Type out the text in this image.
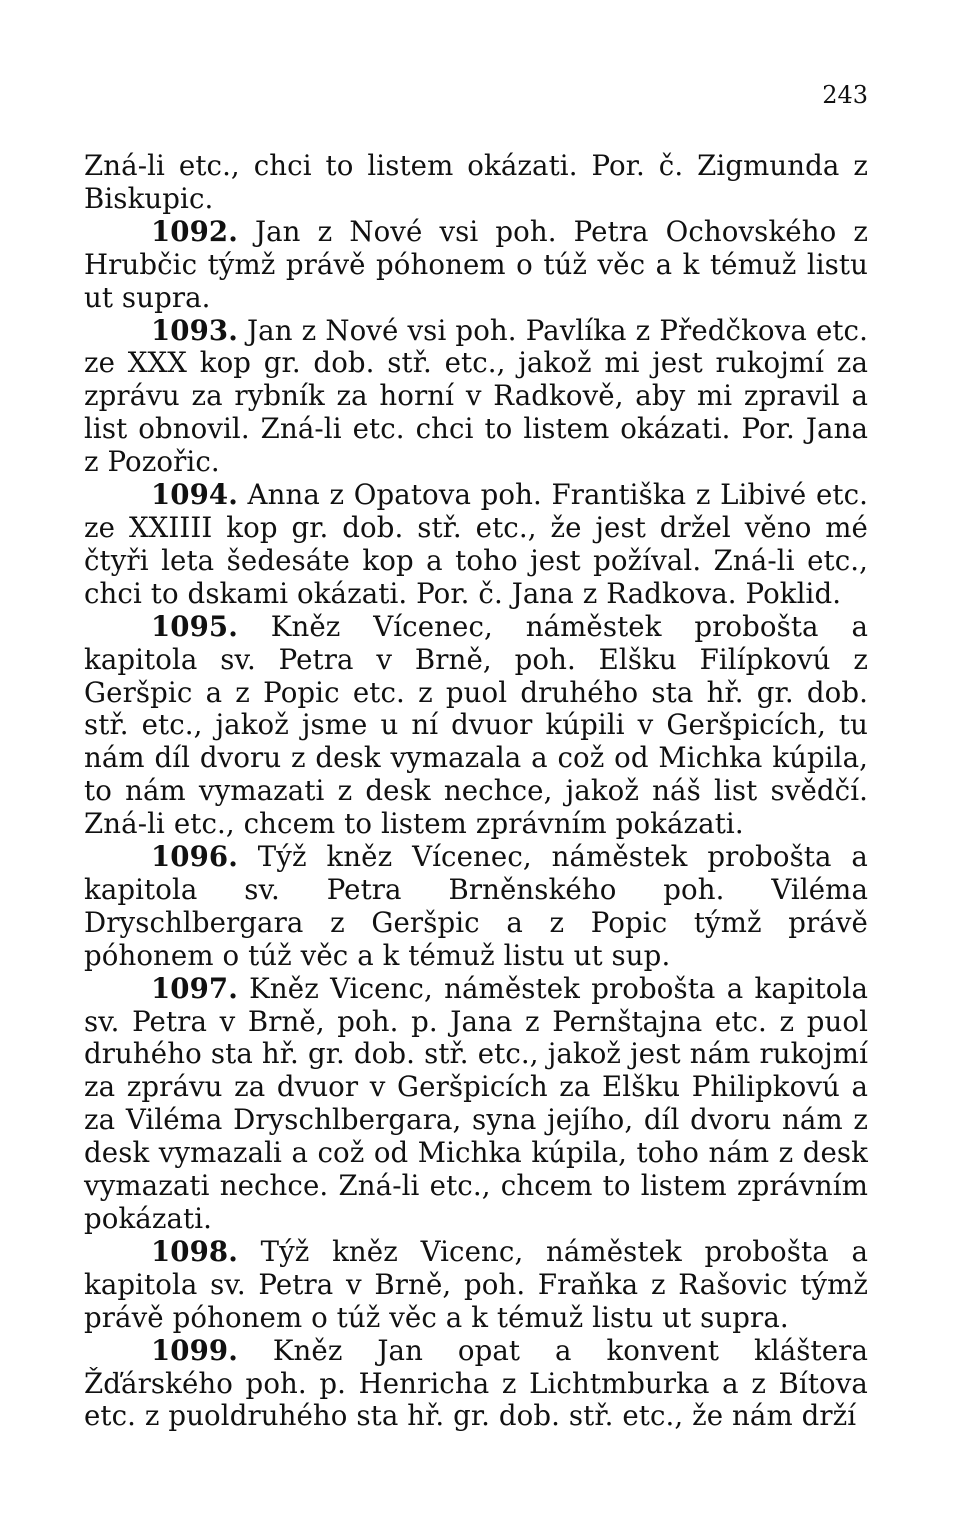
243

Zná-li etc., chci to listem okázati. Por. č. Zigmunda z Biskupic.

1092. Jan z Nové vsi poh. Petra Ochovského z Hrubčic týmž právě póhonem o túž věc a k témuž listu ut supra.

1093. Jan z Nové vsi poh. Pavlíka z Předčkova etc. ze XXX kop gr. dob. stř. etc., jakož mi jest rukojmí za zprávu za rybník za horní v Radkově, aby mi zpravil a list obnovil. Zná-li etc. chci to listem okázati. Por. Jana z Pozořic.

1094. Anna z Opatova poh. Františka z Libivé etc. ze XXIIII kop gr. dob. stř. etc., že jest držel věno mé čtyři leta šedesáte kop a toho jest požíval. Zná-li etc., chci to dskami okázati. Por. č. Jana z Radkova. Poklid.

1095. Kněz Vícenec, náměstek probošta a kapitola sv. Petra v Brně, poh. Elšku Filípkovú z Geršpic a z Popic etc. z puol druhého sta hř. gr. dob. stř. etc., jakož jsme u ní dvuor kúpili v Geršpicích, tu nám díl dvoru z desk vymazala a což od Michka kúpila, to nám vymazati z desk nechce, jakož náš list svědčí. Zná-li etc., chcem to listem zprávním pokázati.

1096. Týž kněz Vícenec, náměstek probošta a kapitola sv. Petra Brněnského poh. Viléma Dryschlbergara z Geršpic a z Popic týmž právě póhonem o túž věc a k témuž listu ut sup.

1097. Kněz Vicenc, náměstek probošta a kapitola sv. Petra v Brně, poh. p. Jana z Pernštajna etc. z puol druhého sta hř. gr. dob. stř. etc., jakož jest nám rukojmí za zprávu za dvuor v Geršpicích za Elšku Philipkovú a za Viléma Dryschlbergara, syna jejího, díl dvoru nám z desk vymazali a což od Michka kúpila, toho nám z desk vymazati nechce. Zná-li etc., chcem to listem zprávním pokázati.

1098. Týž kněz Vicenc, náměstek probošta a kapitola sv. Petra v Brně, poh. Fraňka z Rašovic týmž právě póhonem o túž věc a k témuž listu ut supra.

1099. Kněz Jan opat a konvent kláštera Žďárského poh. p. Henricha z Lichtmburka a z Bítova etc. z puoldruhého sta hř. gr. dob. stř. etc., že nám drží
